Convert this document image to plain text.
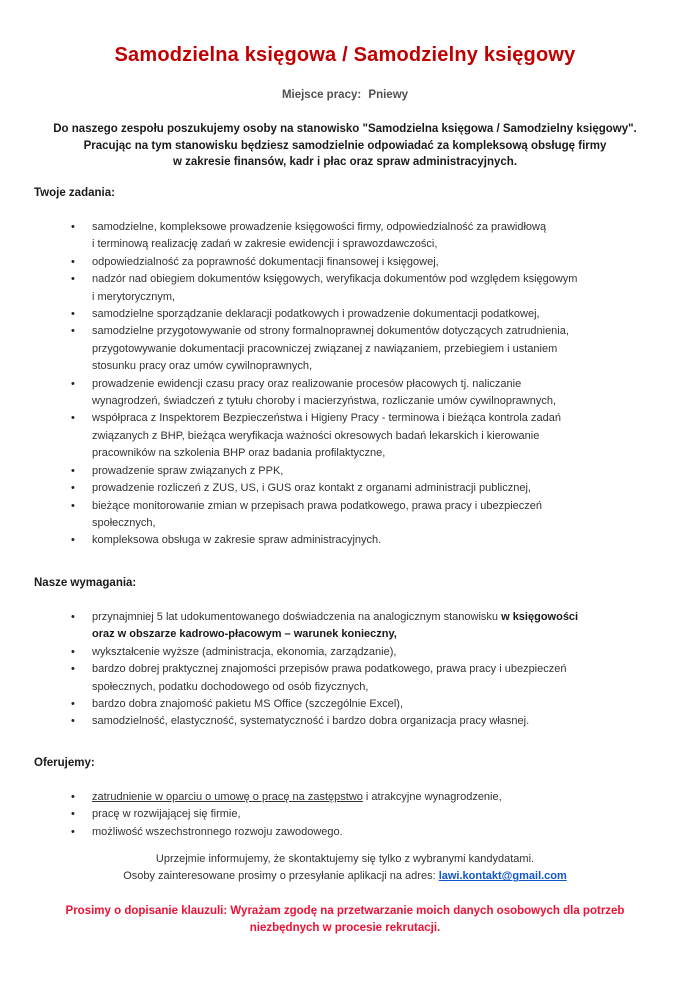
Samodzielna księgowa / Samodzielny księgowy
Miejsce pracy: Pniewy
Do naszego zespołu poszukujemy osoby na stanowisko "Samodzielna księgowa / Samodzielny księgowy".
Pracując na tym stanowisku będziesz samodzielnie odpowiadać za kompleksową obsługę firmy
w zakresie finansów, kadr i płac oraz spraw administracyjnych.
Twoje zadania:
• samodzielne, kompleksowe prowadzenie księgowości firmy, odpowiedzialność za prawidłową
i terminową realizację zadań w zakresie ewidencji i sprawozdawczości,
• odpowiedzialność za poprawność dokumentacji finansowej i księgowej,
• nadzór nad obiegiem dokumentów księgowych, weryfikacja dokumentów pod względem księgowym
i merytorycznym,
• samodzielne sporządzanie deklaracji podatkowych i prowadzenie dokumentacji podatkowej,
• samodzielne przygotowywanie od strony formalnoprawnej dokumentów dotyczących zatrudnienia,
przygotowywanie dokumentacji pracowniczej związanej z nawiązaniem, przebiegiem i ustaniem
stosunku pracy oraz umów cywilnoprawnych,
• prowadzenie ewidencji czasu pracy oraz realizowanie procesów płacowych tj. naliczanie
wynagrodzeń, świadczeń z tytułu choroby i macierzyństwa, rozliczanie umów cywilnoprawnych,
• współpraca z Inspektorem Bezpieczeństwa i Higieny Pracy - terminowa i bieżąca kontrola zadań
związanych z BHP, bieżąca weryfikacja ważności okresowych badań lekarskich i kierowanie
pracowników na szkolenia BHP oraz badania profilaktyczne,
• prowadzenie spraw związanych z PPK,
• prowadzenie rozliczeń z ZUS, US, i GUS oraz kontakt z organami administracji publicznej,
• bieżące monitorowanie zmian w przepisach prawa podatkowego, prawa pracy i ubezpieczeń
społecznych,
• kompleksowa obsługa w zakresie spraw administracyjnych.
Nasze wymagania:
• przynajmniej 5 lat udokumentowanego doświadczenia na analogicznym stanowisku w księgowości
oraz w obszarze kadrowo-płacowym – warunek konieczny,
• wykształcenie wyższe (administracja, ekonomia, zarządzanie),
• bardzo dobrej praktycznej znajomości przepisów prawa podatkowego, prawa pracy i ubezpieczeń
społecznych, podatku dochodowego od osób fizycznych,
• bardzo dobra znajomość pakietu MS Office (szczególnie Excel),
• samodzielność, elastyczność, systematyczność i bardzo dobra organizacja pracy własnej.
Oferujemy:
• zatrudnienie w oparciu o umowę o pracę na zastępstwo i atrakcyjne wynagrodzenie,
• pracę w rozwijającej się firmie,
• możliwość wszechstronnego rozwoju zawodowego.
Uprzejmie informujemy, że skontaktujemy się tylko z wybranymi kandydatami.
Osoby zainteresowane prosimy o przesyłanie aplikacji na adres: lawi.kontakt@gmail.com
Prosimy o dopisanie klauzuli: Wyrażam zgodę na przetwarzanie moich danych osobowych dla potrzeb
niezbędnych w procesie rekrutacji.
